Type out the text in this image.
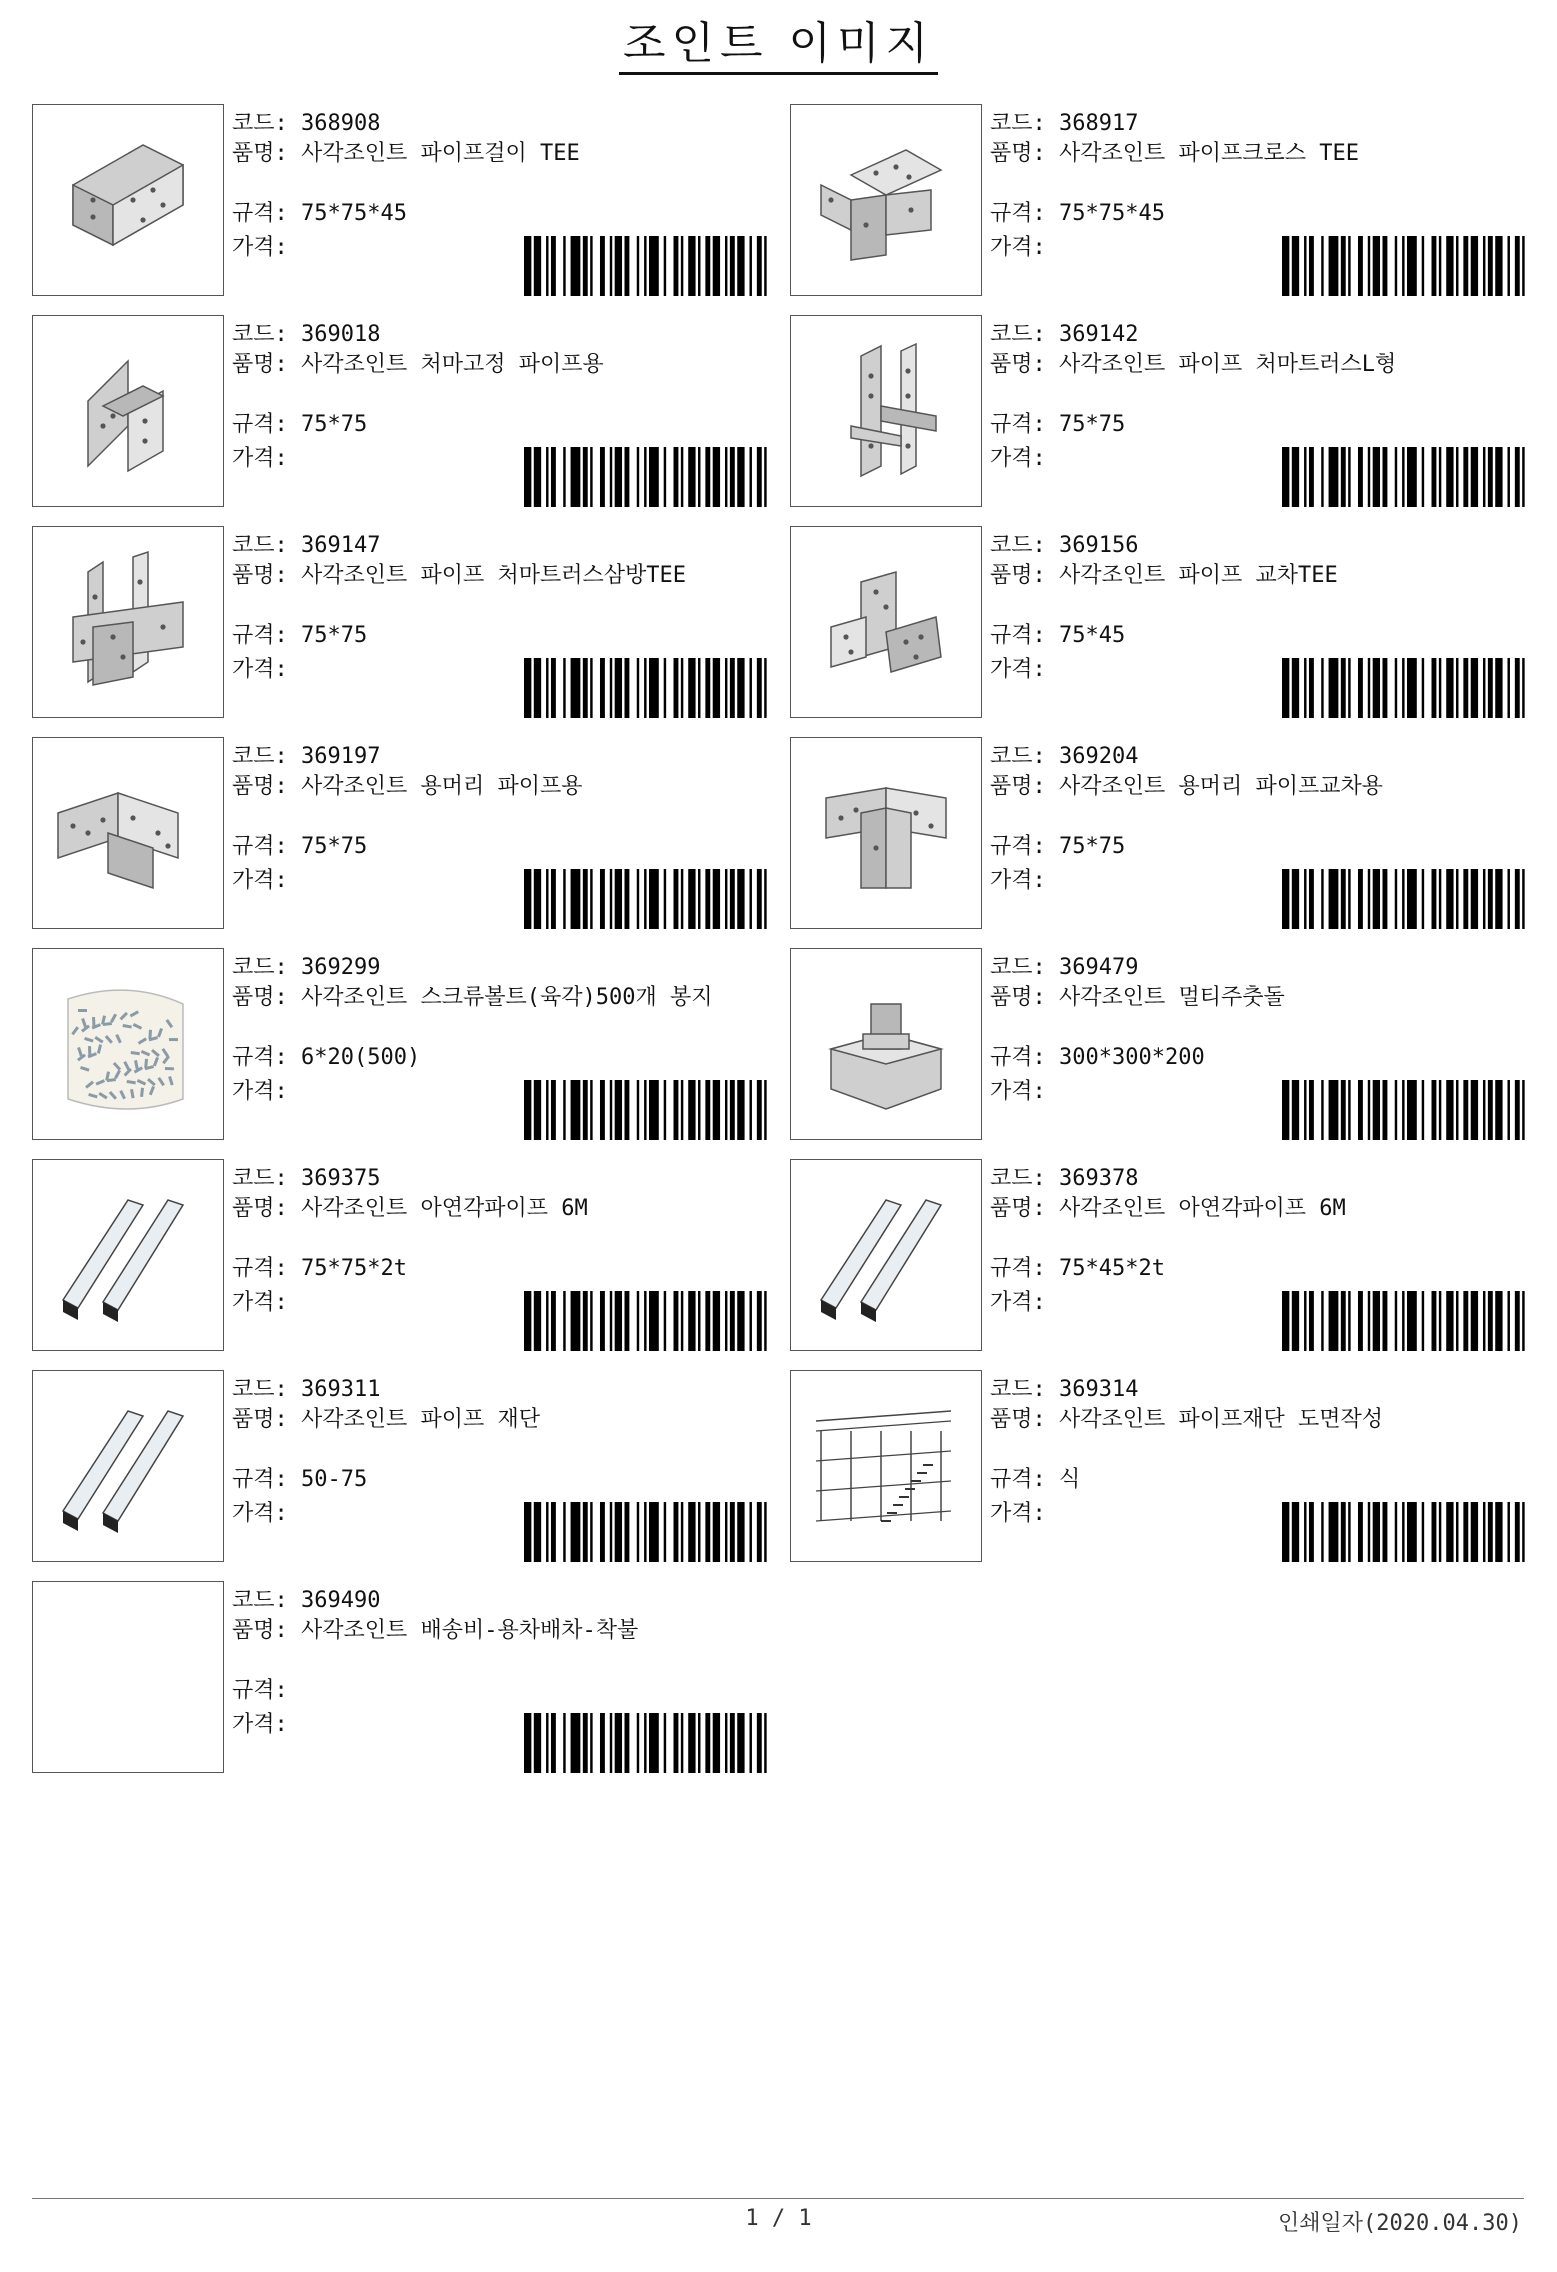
조인트 이미지
코드: 368908
품명: 사각조인트 파이프걸이 TEE
규격: 75*75*45
가격:
코드: 368917
품명: 사각조인트 파이프크로스 TEE
규격: 75*75*45
가격:
코드: 369018
품명: 사각조인트 처마고정 파이프용
규격: 75*75
가격:
코드: 369142
품명: 사각조인트 파이프 처마트러스L형
규격: 75*75
가격:
코드: 369147
품명: 사각조인트 파이프 처마트러스삼방TEE
규격: 75*75
가격:
코드: 369156
품명: 사각조인트 파이프 교차TEE
규격: 75*45
가격:
코드: 369197
품명: 사각조인트 용머리 파이프용
규격: 75*75
가격:
코드: 369204
품명: 사각조인트 용머리 파이프교차용
규격: 75*75
가격:
코드: 369299
품명: 사각조인트 스크류볼트(육각)500개 봉지
규격: 6*20(500)
가격:
코드: 369479
품명: 사각조인트 멀티주춧돌
규격: 300*300*200
가격:
코드: 369375
품명: 사각조인트 아연각파이프 6M
규격: 75*75*2t
가격:
코드: 369378
품명: 사각조인트 아연각파이프 6M
규격: 75*45*2t
가격:
코드: 369311
품명: 사각조인트 파이프 재단
규격: 50-75
가격:
코드: 369314
품명: 사각조인트 파이프재단 도면작성
규격: 식
가격:
코드: 369490
품명: 사각조인트 배송비-용차배차-착불
규격:
가격:
1 / 1	인쇄일자(2020.04.30)
